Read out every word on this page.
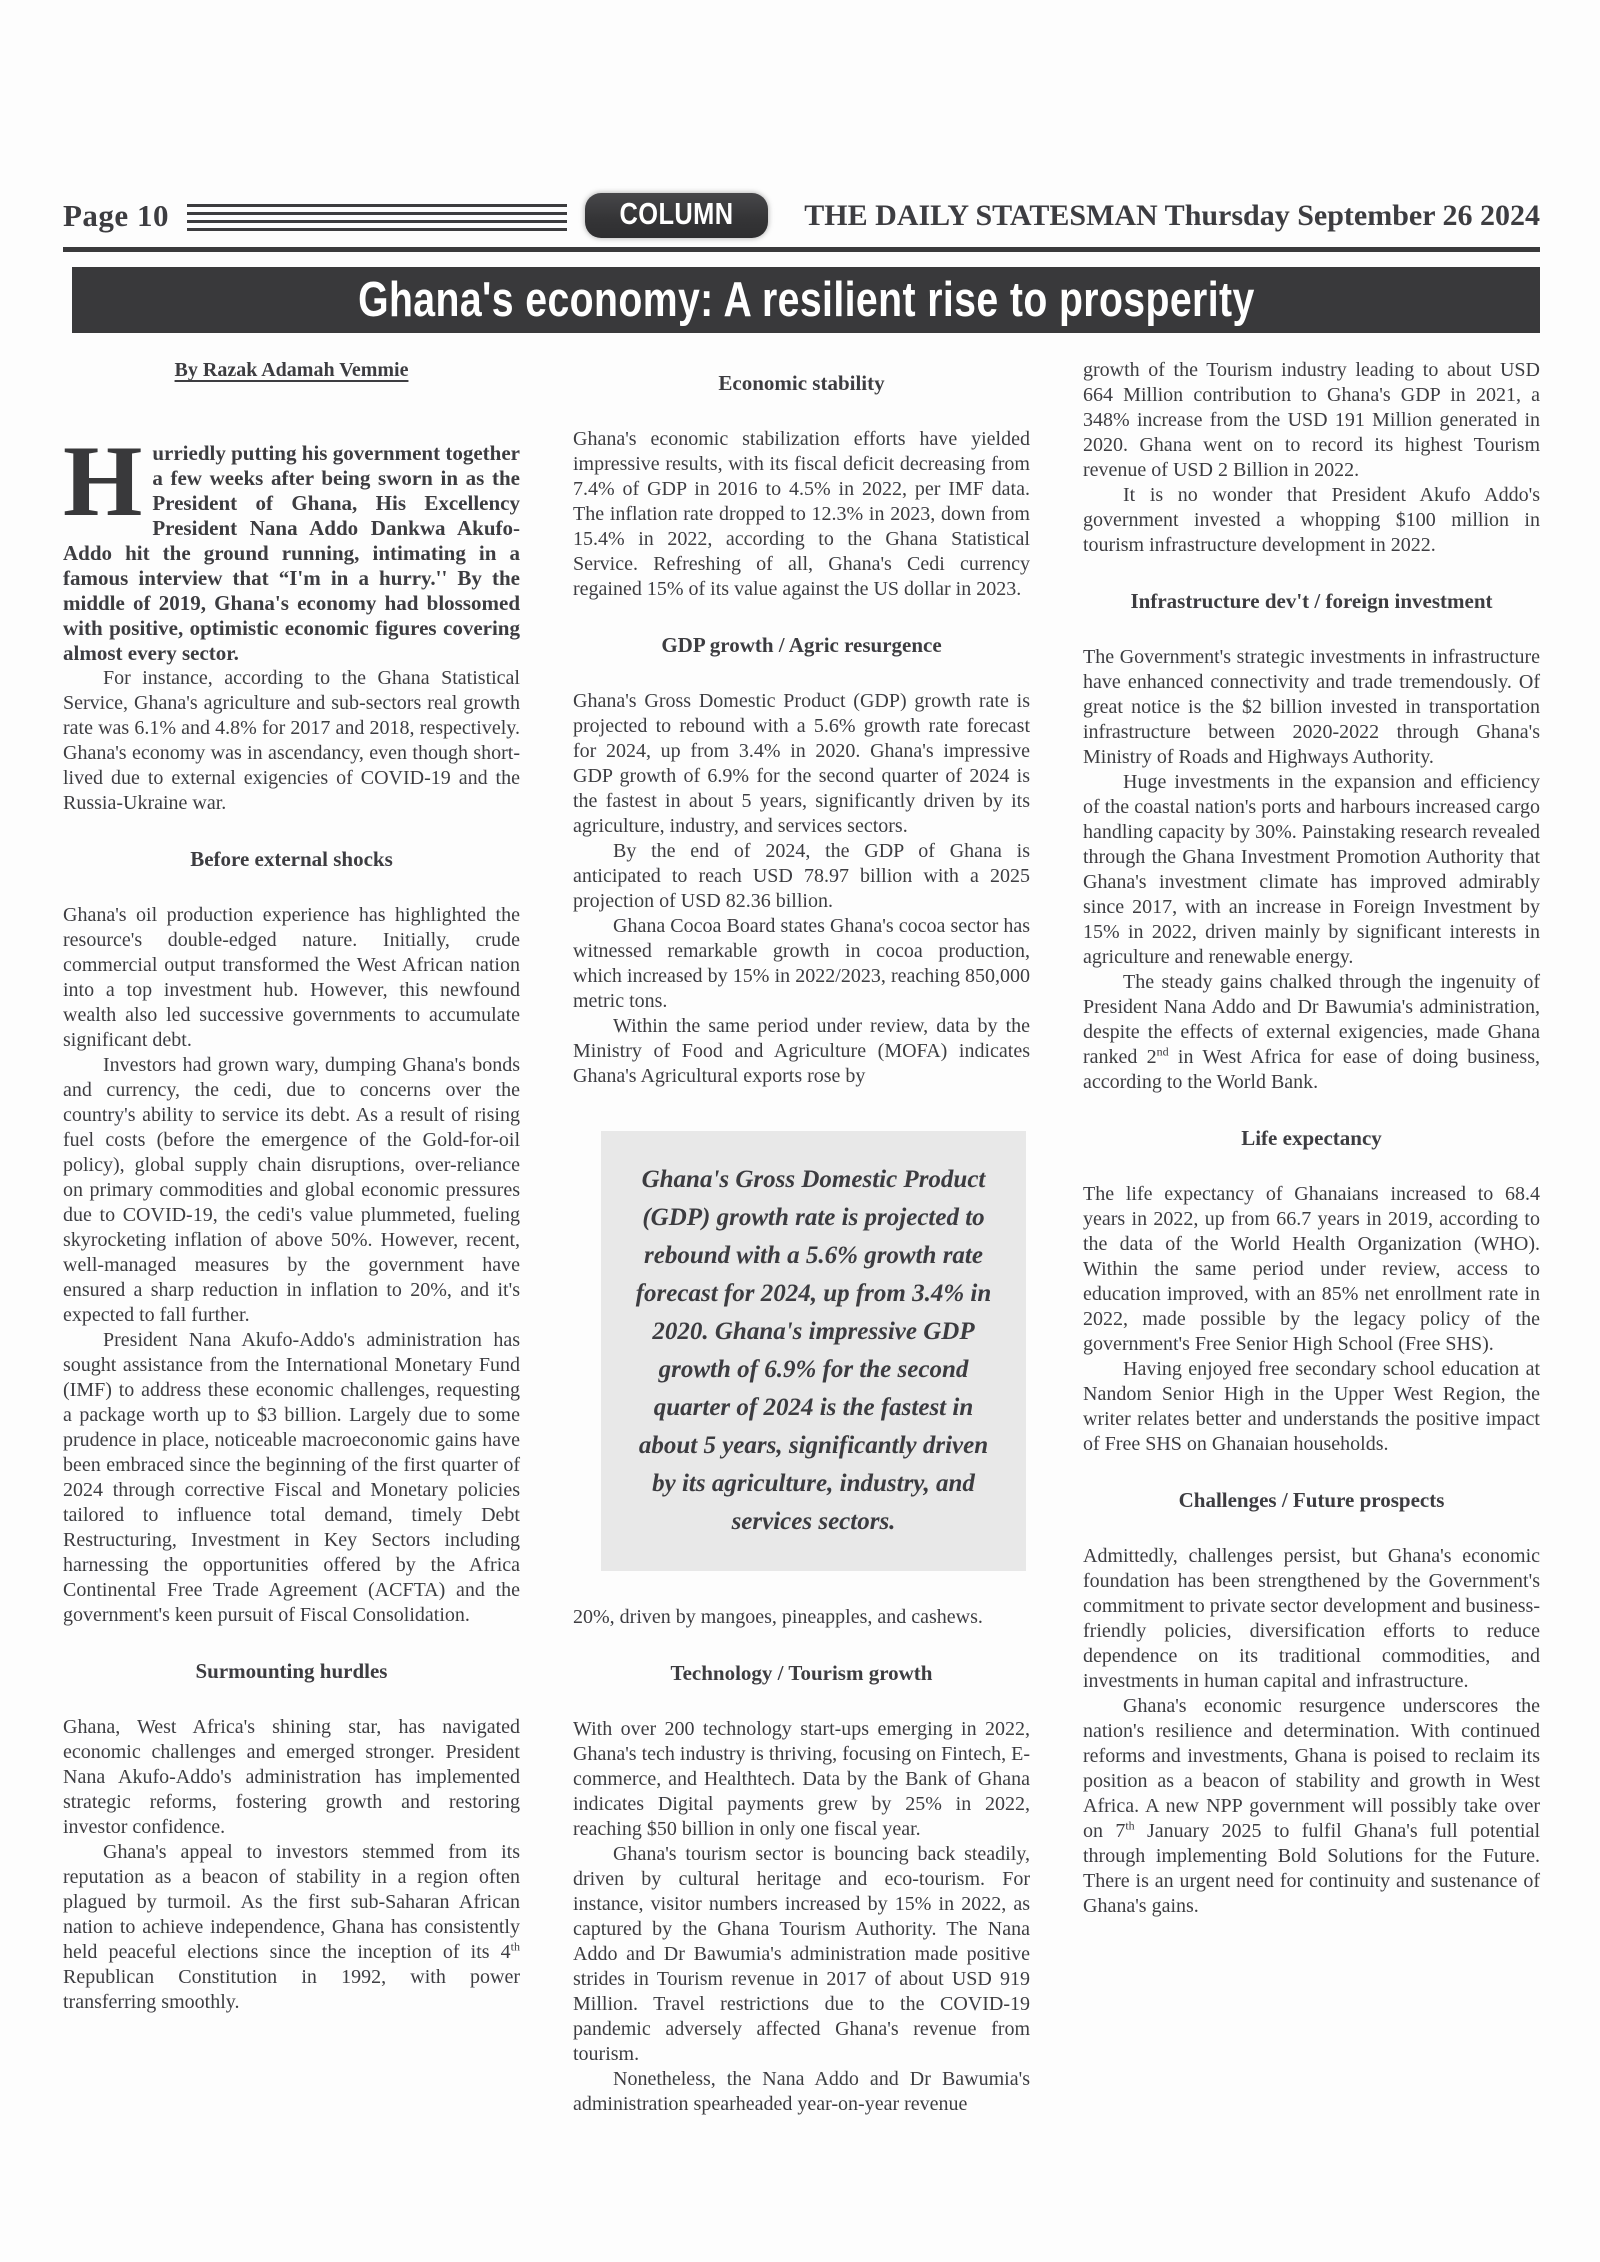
Page 10	COLUMN	THE DAILY STATESMAN Thursday September 26 2024
Ghana's economy: A resilient rise to prosperity
By Razak Adamah Vemmie

Hurriedly putting his government together a few weeks after being sworn in as the President of Ghana, His Excellency President Nana Addo Dankwa Akufo-Addo hit the ground running, intimating in a famous interview that “I'm in a hurry.'' By the middle of 2019, Ghana's economy had blossomed with positive, optimistic economic figures covering almost every sector.

For instance, according to the Ghana Statistical Service, Ghana's agriculture and sub-sectors real growth rate was 6.1% and 4.8% for 2017 and 2018, respectively. Ghana's economy was in ascendancy, even though short-lived due to external exigencies of COVID-19 and the Russia-Ukraine war.

Before external shocks

Ghana's oil production experience has highlighted the resource's double-edged nature. Initially, crude commercial output transformed the West African nation into a top investment hub. However, this newfound wealth also led successive governments to accumulate significant debt.

Investors had grown wary, dumping Ghana's bonds and currency, the cedi, due to concerns over the country's ability to service its debt. As a result of rising fuel costs (before the emergence of the Gold-for-oil policy), global supply chain disruptions, over-reliance on primary commodities and global economic pressures due to COVID-19, the cedi's value plummeted, fueling skyrocketing inflation of above 50%. However, recent, well-managed measures by the government have ensured a sharp reduction in inflation to 20%, and it's expected to fall further.

President Nana Akufo-Addo's administration has sought assistance from the International Monetary Fund (IMF) to address these economic challenges, requesting a package worth up to $3 billion. Largely due to some prudence in place, noticeable macroeconomic gains have been embraced since the beginning of the first quarter of 2024 through corrective Fiscal and Monetary policies tailored to influence total demand, timely Debt Restructuring, Investment in Key Sectors including harnessing the opportunities offered by the Africa Continental Free Trade Agreement (ACFTA) and the government's keen pursuit of Fiscal Consolidation.

Surmounting hurdles

Ghana, West Africa's shining star, has navigated economic challenges and emerged stronger. President Nana Akufo-Addo's administration has implemented strategic reforms, fostering growth and restoring investor confidence.

Ghana's appeal to investors stemmed from its reputation as a beacon of stability in a region often plagued by turmoil. As the first sub-Saharan African nation to achieve independence, Ghana has consistently held peaceful elections since the inception of its 4th Republican Constitution in 1992, with power transferring smoothly.

Economic stability

Ghana's economic stabilization efforts have yielded impressive results, with its fiscal deficit decreasing from 7.4% of GDP in 2016 to 4.5% in 2022, per IMF data. The inflation rate dropped to 12.3% in 2023, down from 15.4% in 2022, according to the Ghana Statistical Service. Refreshing of all, Ghana's Cedi currency regained 15% of its value against the US dollar in 2023.

GDP growth / Agric resurgence

Ghana's Gross Domestic Product (GDP) growth rate is projected to rebound with a 5.6% growth rate forecast for 2024, up from 3.4% in 2020. Ghana's impressive GDP growth of 6.9% for the second quarter of 2024 is the fastest in about 5 years, significantly driven by its agriculture, industry, and services sectors.

By the end of 2024, the GDP of Ghana is anticipated to reach USD 78.97 billion with a 2025 projection of USD 82.36 billion.

Ghana Cocoa Board states Ghana's cocoa sector has witnessed remarkable growth in cocoa production, which increased by 15% in 2022/2023, reaching 850,000 metric tons.

Within the same period under review, data by the Ministry of Food and Agriculture (MOFA) indicates Ghana's Agricultural exports rose by

Ghana's Gross Domestic Product (GDP) growth rate is projected to rebound with a 5.6% growth rate forecast for 2024, up from 3.4% in 2020. Ghana's impressive GDP growth of 6.9% for the second quarter of 2024 is the fastest in about 5 years, significantly driven by its agriculture, industry, and services sectors.

20%, driven by mangoes, pineapples, and cashews.

Technology / Tourism growth

With over 200 technology start-ups emerging in 2022, Ghana's tech industry is thriving, focusing on Fintech, E-commerce, and Healthtech. Data by the Bank of Ghana indicates Digital payments grew by 25% in 2022, reaching $50 billion in only one fiscal year.

Ghana's tourism sector is bouncing back steadily, driven by cultural heritage and eco-tourism. For instance, visitor numbers increased by 15% in 2022, as captured by the Ghana Tourism Authority. The Nana Addo and Dr Bawumia's administration made positive strides in Tourism revenue in 2017 of about USD 919 Million. Travel restrictions due to the COVID-19 pandemic adversely affected Ghana's revenue from tourism.

Nonetheless, the Nana Addo and Dr Bawumia's administration spearheaded year-on-year revenue

growth of the Tourism industry leading to about USD 664 Million contribution to Ghana's GDP in 2021, a 348% increase from the USD 191 Million generated in 2020. Ghana went on to record its highest Tourism revenue of USD 2 Billion in 2022.

It is no wonder that President Akufo Addo's government invested a whopping $100 million in tourism infrastructure development in 2022.

Infrastructure dev't / foreign investment

The Government's strategic investments in infrastructure have enhanced connectivity and trade tremendously. Of great notice is the $2 billion invested in transportation infrastructure between 2020-2022 through Ghana's Ministry of Roads and Highways Authority.

Huge investments in the expansion and efficiency of the coastal nation's ports and harbours increased cargo handling capacity by 30%. Painstaking research revealed through the Ghana Investment Promotion Authority that Ghana's investment climate has improved admirably since 2017, with an increase in Foreign Investment by 15% in 2022, driven mainly by significant interests in agriculture and renewable energy.

The steady gains chalked through the ingenuity of President Nana Addo and Dr Bawumia's administration, despite the effects of external exigencies, made Ghana ranked 2nd in West Africa for ease of doing business, according to the World Bank.

Life expectancy

The life expectancy of Ghanaians increased to 68.4 years in 2022, up from 66.7 years in 2019, according to the data of the World Health Organization (WHO). Within the same period under review, access to education improved, with an 85% net enrollment rate in 2022, made possible by the legacy policy of the government's Free Senior High School (Free SHS).

Having enjoyed free secondary school education at Nandom Senior High in the Upper West Region, the writer relates better and understands the positive impact of Free SHS on Ghanaian households.

Challenges / Future prospects

Admittedly, challenges persist, but Ghana's economic foundation has been strengthened by the Government's commitment to private sector development and business-friendly policies, diversification efforts to reduce dependence on its traditional commodities, and investments in human capital and infrastructure.

Ghana's economic resurgence underscores the nation's resilience and determination. With continued reforms and investments, Ghana is poised to reclaim its position as a beacon of stability and growth in West Africa. A new NPP government will possibly take over on 7th January 2025 to fulfil Ghana's full potential through implementing Bold Solutions for the Future. There is an urgent need for continuity and sustenance of Ghana's gains.
